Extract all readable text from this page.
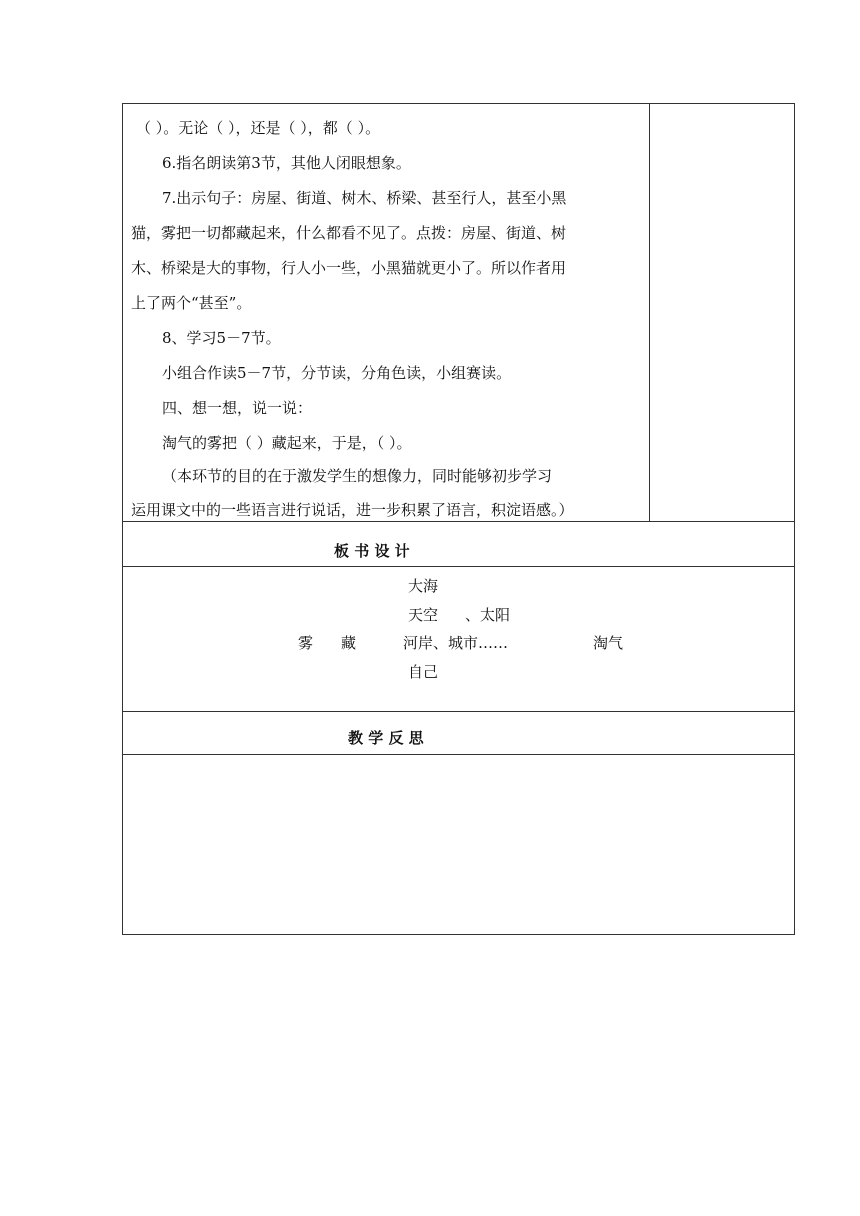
（ ）。无论（ ），还是（ ），都（ ）。
6.指名朗读第3节，其他人闭眼想象。
7.出示句子：房屋、街道、树木、桥梁、甚至行人，甚至小黑
猫，雾把一切都藏起来，什么都看不见了。点拨：房屋、街道、树
木、桥梁是大的事物，行人小一些，小黑猫就更小了。所以作者用
上了两个“甚至”。
8、学习5－7节。
小组合作读5－7节，分节读，分角色读，小组赛读。
四、想一想，说一说：
淘气的雾把（ ）藏起来，于是，（ ）。
（本环节的目的在于激发学生的想像力，同时能够初步学习
运用课文中的一些语言进行说话，进一步积累了语言，积淀语感。）
板 书 设 计
大海
天空 、太阳
雾 藏	河岸、城市……	淘气
自己
教 学 反 思
